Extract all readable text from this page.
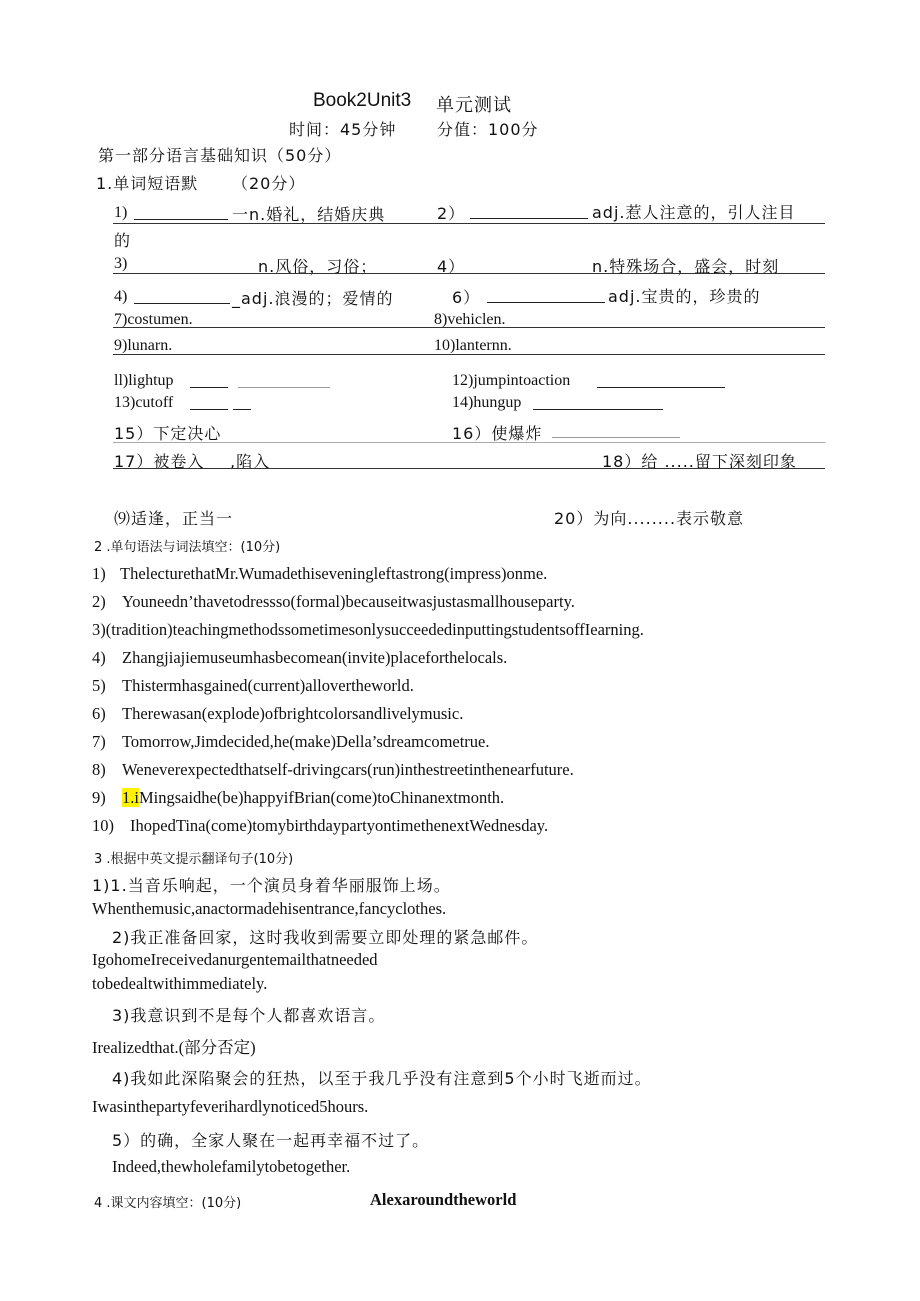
Book2Unit3 单元测试
时间：45分钟	分值：100分
第一部分语言基础知识（50分）
1.单词短语默 （20分）
1)	一n.婚礼，结婚庆典	2）	adj.惹人注意的，引人注目
的
3)	n.风俗，习俗；	4）	n.特殊场合，盛会，时刻
4)	_adj.浪漫的；爱情的	6）	adj.宝贵的，珍贵的
7)costumen.	8)vehiclen.
9)lunarn.	10)lanternn.
ll)lightup	12)jumpintoaction
13)cutoff	14)hungup
15）下定决心	16）使爆炸
17）被卷入 ,陷入	18）给 .....留下深刻印象
⑼适逢，正当一	20）为向........表示敬意
2 .单句语法与词法填空：(10分)
1) ThelecturethatMr.Wumadethiseveningleftastrong(impress)onme.
2) Youneedn’thavetodressso(formal)becauseitwasjustasmallhouseparty.
3)(tradition)teachingmethodssometimesonlysucceededinputtingstudentsoffIearning.
4) Zhangjiajiemuseumhasbecomean(invite)placeforthelocals.
5) Thistermhasgained(current)allovertheworld.
6) Therewasan(explode)ofbrightcolorsandlivelymusic.
7) Tomorrow,Jimdecided,he(make)Della’sdreamcometrue.
8) Weneverexpectedthatself-drivingcars(run)inthestreetinthenearfuture.
9) 1.iMingsaidhe(be)happyifBrian(come)toChinanextmonth.
10) IhopedTina(come)tomybirthdaypartyontimethenextWednesday.
3 .根据中英文提示翻译句子(10分)
1)1.当音乐响起，一个演员身着华丽服饰上场。
Whenthemusic,anactormadehisentrance,fancyclothes.
2)我正准备回家，这时我收到需要立即处理的紧急邮件。
IgohomeIreceivedanurgentemailthatneeded
tobedealtwithimmediately.
3)我意识到不是每个人都喜欢语言。
Irealizedthat.(部分否定)
4)我如此深陷聚会的狂热，以至于我几乎没有注意到5个小时飞逝而过。
Iwasinthepartyfeverihardlynoticed5hours.
5）的确，全家人聚在一起再幸福不过了。
Indeed,thewholefamilytobetogether.
4 .课文内容填空：(10分)	Alexaroundtheworld
